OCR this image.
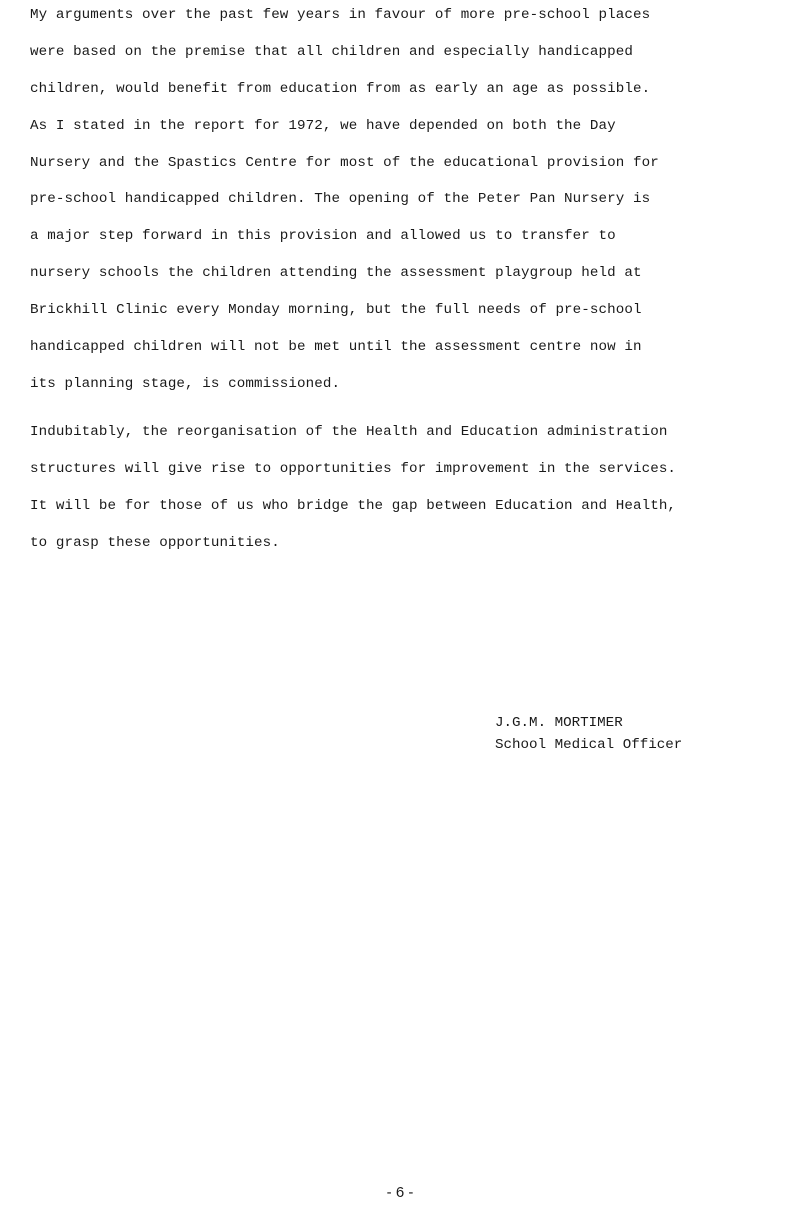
My arguments over the past few years in favour of more pre-school places
were based on the premise that all children and especially handicapped
children, would benefit from education from as early an age as possible.
As I stated in the report for 1972, we have depended on both the Day
Nursery and the Spastics Centre for most of the educational provision for
pre-school handicapped children. The opening of the Peter Pan Nursery is
a major step forward in this provision and allowed us to transfer to
nursery schools the children attending the assessment playgroup held at
Brickhill Clinic every Monday morning, but the full needs of pre-school
handicapped children will not be met until the assessment centre now in
its planning stage, is commissioned.
Indubitably, the reorganisation of the Health and Education administration
structures will give rise to opportunities for improvement in the services.
It will be for those of us who bridge the gap between Education and Health,
to grasp these opportunities.
J.G.M. MORTIMER
School Medical Officer
- 6 -
